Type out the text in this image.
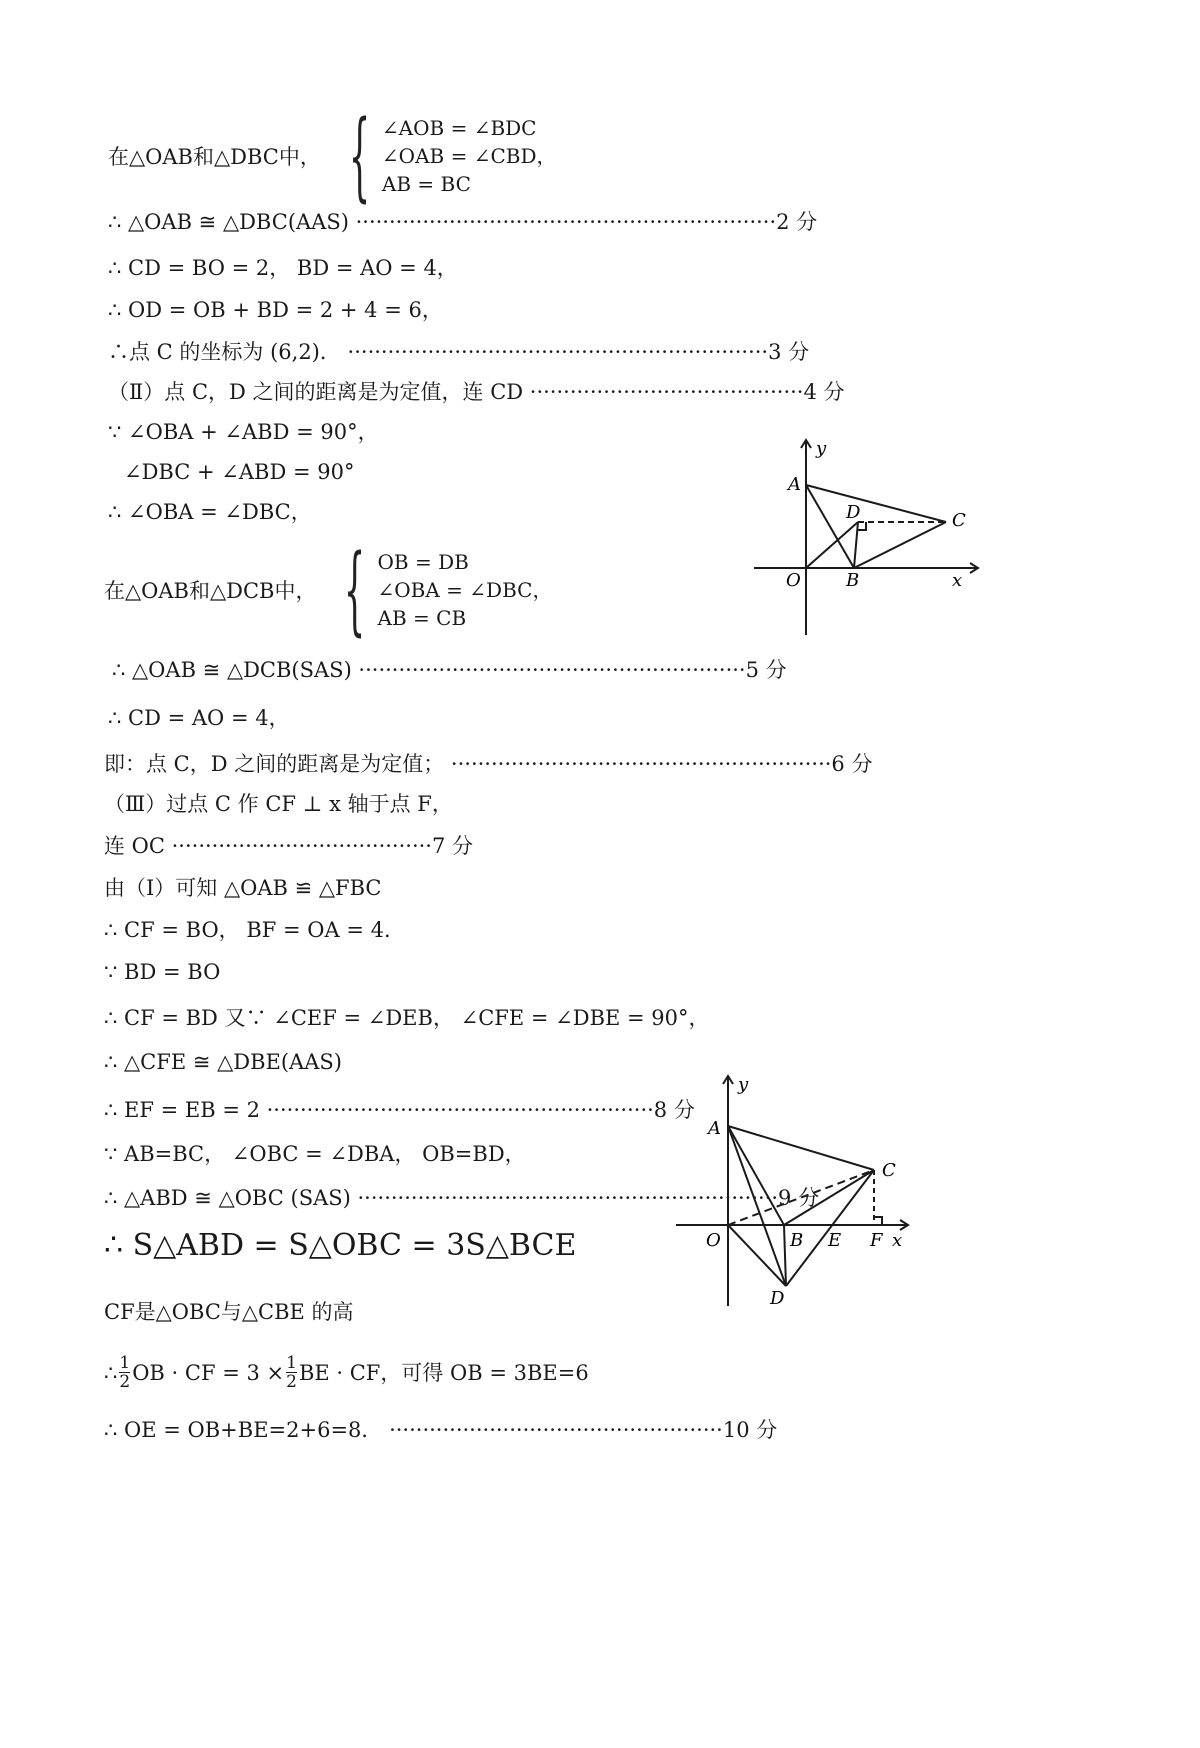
在△OAB和△DBC中， { ∠AOB = ∠BDC
∠OAB = ∠CBD，
AB = BC
∴ △OAB ≅ △DBC(AAS) ·······························································2 分
∴ CD = BO = 2， BD = AO = 4，
∴ OD = OB + BD = 2 + 4 = 6，
∴点 C 的坐标为 (6,2)． ·······························································3 分
（Ⅱ）点 C，D 之间的距离是为定值，连 CD ·········································4 分
∵ ∠OBA + ∠ABD = 90°，
∠DBC + ∠ABD = 90°
∴ ∠OBA = ∠DBC，
在△OAB和△DCB中， { OB = DB
∠OBA = ∠DBC，
AB = CB
∴ △OAB ≅ △DCB(SAS) ··························································5 分
∴ CD = AO = 4，
即：点 C，D 之间的距离是为定值； ·························································6 分
（Ⅲ）过点 C 作 CF ⊥ x 轴于点 F，
连 OC ·······································7 分
由（Ⅰ）可知 △OAB ≌ △FBC
∴ CF = BO， BF = OA = 4．
∵ BD = BO
∴ CF = BD 又∵ ∠CEF = ∠DEB， ∠CFE = ∠DBE = 90°，
∴ △CFE ≅ △DBE(AAS)
∴ EF = EB = 2 ··························································8 分
∵ AB=BC， ∠OBC = ∠DBA， OB=BD，
∴ △ABD ≅ △OBC (SAS) ·······························································9 分
∴ S△ABD = S△OBC = 3S△BCE
CF是△OBC与△CBE 的高
∴ $\frac{1}{2}$ OB · CF = $3 \times \frac{1}{2}$ BE · CF，可得 OB = 3BE=6
∴ OE = OB+BE=2+6=8． ··················································10 分
y
A
D	C
O	B	x
y
A
C
O	B E F x
D
